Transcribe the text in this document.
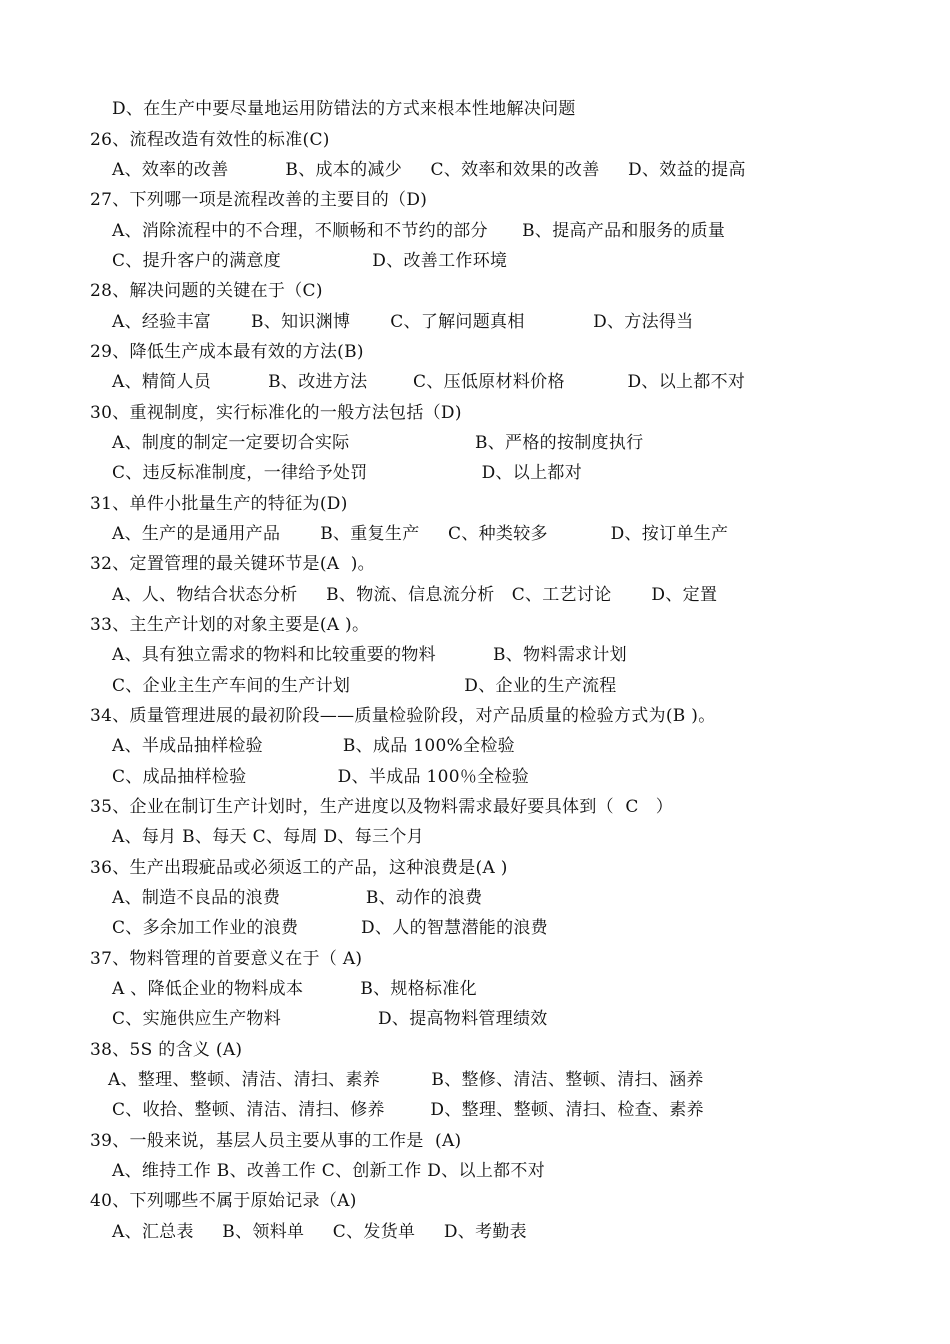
D、在生产中要尽量地运用防错法的方式来根本性地解决问题
26、流程改造有效性的标准(C)
A、效率的改善          B、成本的减少     C、效率和效果的改善     D、效益的提高
27、下列哪一项是流程改善的主要目的（D)
A、消除流程中的不合理，不顺畅和不节约的部分      B、提高产品和服务的质量
C、提升客户的满意度                D、改善工作环境
28、解决问题的关键在于（C)
A、经验丰富       B、知识渊博       C、了解问题真相            D、方法得当
29、降低生产成本最有效的方法(B)
A、精简人员          B、改进方法        C、压低原材料价格           D、以上都不对
30、重视制度，实行标准化的一般方法包括（D)
A、制度的制定一定要切合实际                      B、严格的按制度执行
C、违反标准制度，一律给予处罚                    D、以上都对
31、单件小批量生产的特征为(D)
A、生产的是通用产品       B、重复生产     C、种类较多           D、按订单生产
32、定置管理的最关键环节是(A  )。
A、人、物结合状态分析     B、物流、信息流分析   C、工艺讨论       D、定置
33、主生产计划的对象主要是(A )。
A、具有独立需求的物料和比较重要的物料          B、物料需求计划
C、企业主生产车间的生产计划                    D、企业的生产流程
34、质量管理进展的最初阶段——质量检验阶段，对产品质量的检验方式为(B )。
A、半成品抽样检验              B、成品 100%全检验
C、成品抽样检验                D、半成品 100％全检验
35、企业在制订生产计划时，生产进度以及物料需求最好要具体到（  C   ）
A、每月 B、每天 C、每周 D、每三个月
36、生产出瑕疵品或必须返工的产品，这种浪费是(A )
A、制造不良品的浪费               B、动作的浪费
C、多余加工作业的浪费           D、人的智慧潜能的浪费
37、物料管理的首要意义在于（ A)
A 、降低企业的物料成本          B、规格标准化
C、实施供应生产物料                 D、提高物料管理绩效
38、5S 的含义 (A)
A、整理、整顿、清洁、清扫、素养         B、整修、清洁、整顿、清扫、涵养
C、收拾、整顿、清洁、清扫、修养        D、整理、整顿、清扫、检查、素养
39、一般来说，基层人员主要从事的工作是  (A)
A、维持工作 B、改善工作 C、创新工作 D、以上都不对
40、下列哪些不属于原始记录（A)
A、汇总表     B、领料单     C、发货单     D、考勤表
